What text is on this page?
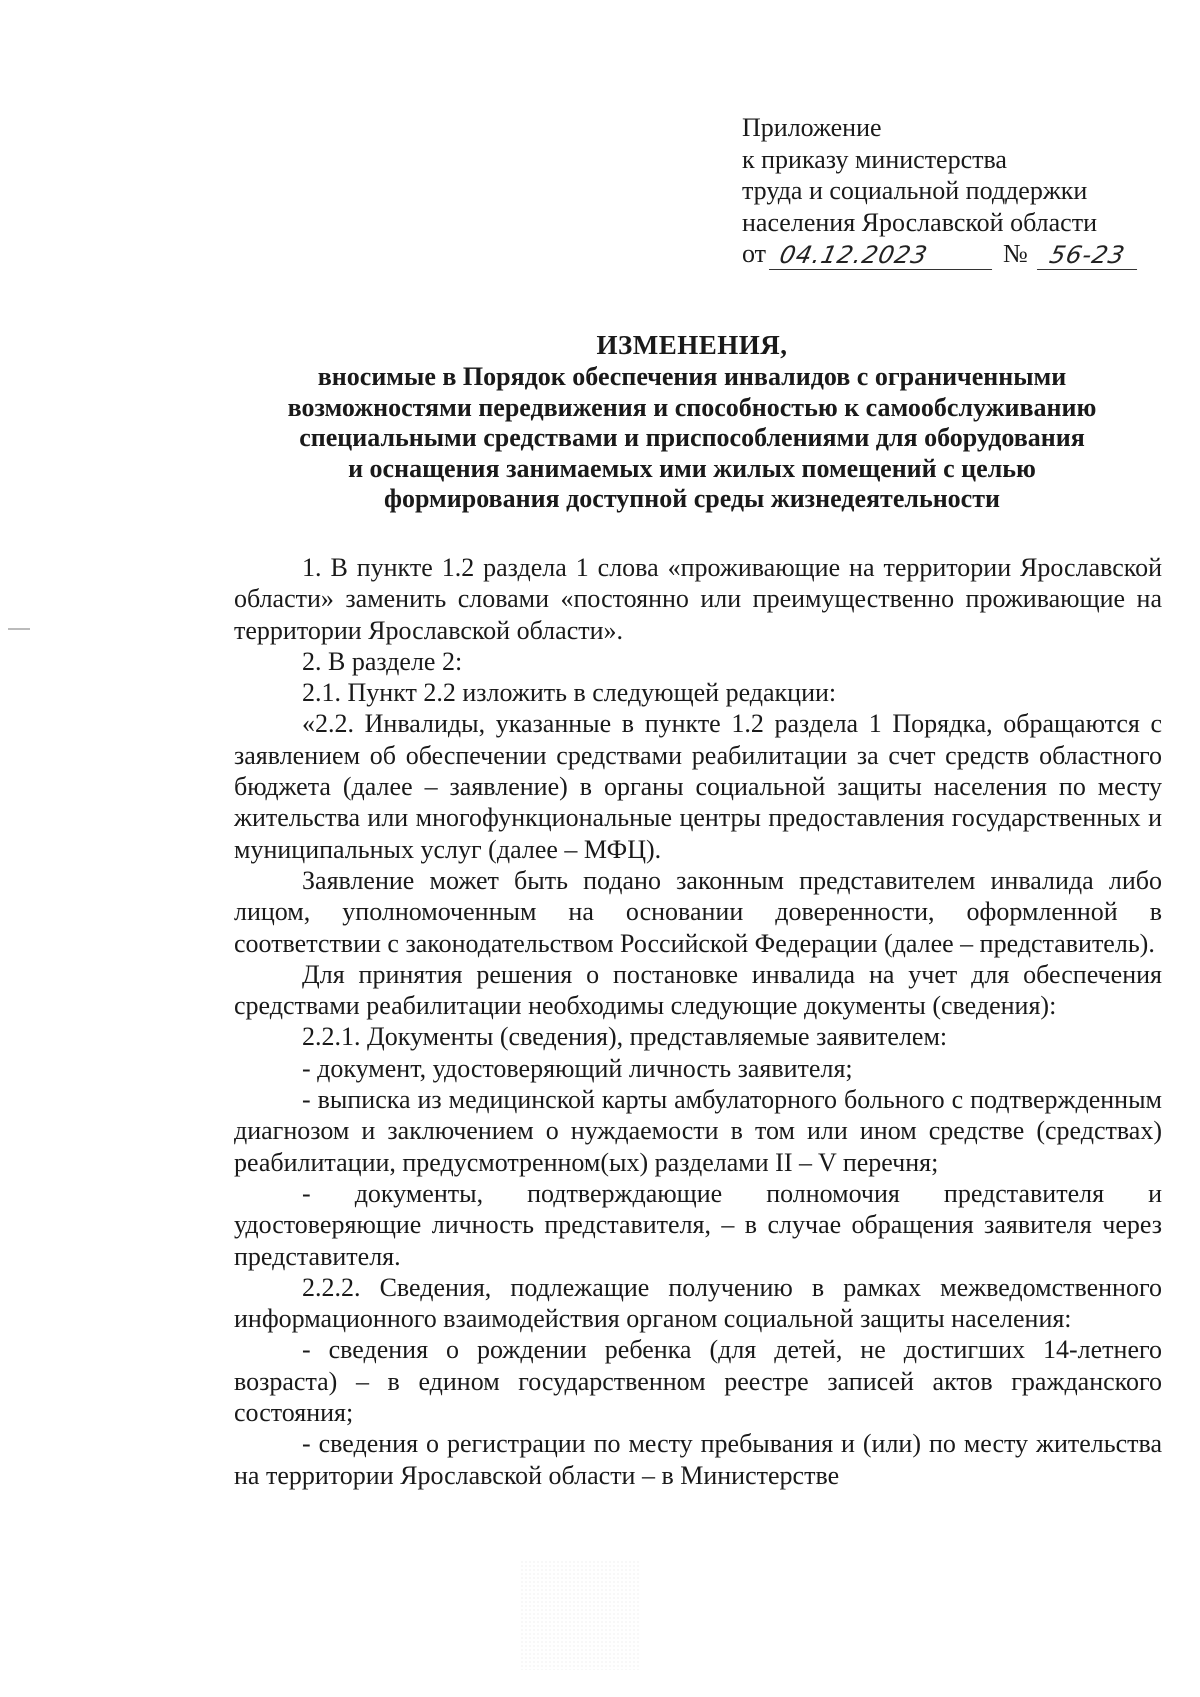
Приложение
к приказу министерства
труда и социальной поддержки
населения Ярославской области
от 04.12.2023	№ 56-23
ИЗМЕНЕНИЯ,
вносимые в Порядок обеспечения инвалидов с ограниченными
возможностями передвижения и способностью к самообслуживанию
специальными средствами и приспособлениями для оборудования
и оснащения занимаемых ими жилых помещений с целью
формирования доступной среды жизнедеятельности

1. В пункте 1.2 раздела 1 слова «проживающие на территории Ярославской области» заменить словами «постоянно или преимущественно проживающие на территории Ярославской области».

2. В разделе 2:

2.1. Пункт 2.2 изложить в следующей редакции:

«2.2. Инвалиды, указанные в пункте 1.2 раздела 1 Порядка, обращаются с заявлением об обеспечении средствами реабилитации за счет средств областного бюджета (далее – заявление) в органы социальной защиты населения по месту жительства или многофункциональные центры предоставления государственных и муниципальных услуг (далее – МФЦ).

Заявление может быть подано законным представителем инвалида либо лицом, уполномоченным на основании доверенности, оформленной в соответствии с законодательством Российской Федерации (далее – представитель).

Для принятия решения о постановке инвалида на учет для обеспечения средствами реабилитации необходимы следующие документы (сведения):

2.2.1. Документы (сведения), представляемые заявителем:

- документ, удостоверяющий личность заявителя;

- выписка из медицинской карты амбулаторного больного с подтвержденным диагнозом и заключением о нуждаемости в том или ином средстве (средствах) реабилитации, предусмотренном(ых) разделами II – V перечня;

- документы, подтверждающие полномочия представителя и удостоверяющие личность представителя, – в случае обращения заявителя через представителя.

2.2.2. Сведения, подлежащие получению в рамках межведомственного информационного взаимодействия органом социальной защиты населения:

- сведения о рождении ребенка (для детей, не достигших 14-летнего возраста) – в едином государственном реестре записей актов гражданского состояния;

- сведения о регистрации по месту пребывания и (или) по месту жительства на территории Ярославской области – в Министерстве
